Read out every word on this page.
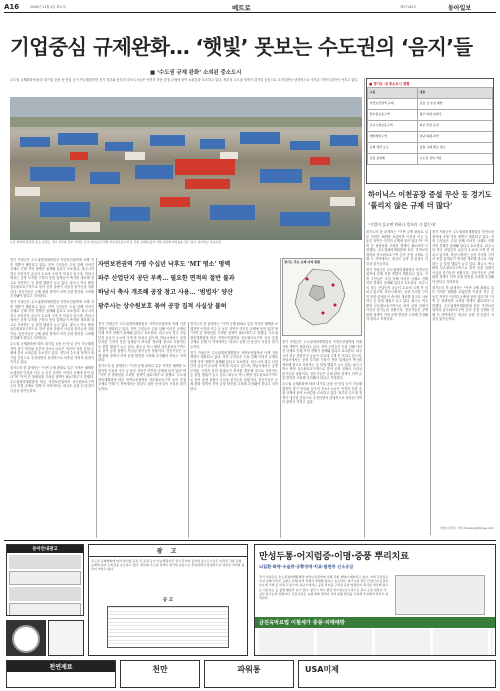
A16	2008년 11월 4일 화요일	메트로	제27145호	동아일보
기업중심 규제완화… ‘햇빛’ 못보는 수도권의 ‘음지’들
■ ‘수도권 규제 완화’ 소외된 중소도시

수도권 규제완화에 따라 대기업 공장 신·증설 등이 가능해졌지만 경기 북부와 동부의 중소도시들은 여전히 각종 중첩 규제에 묶여 소외감을 호소하고 있다. 정부의 수도권 정책이 대기업 중심으로 추진되면서 상대적으로 낙후된 지역의 불만이 커지고 있다.

오산 지역에 밀집한 중소 공장들. 경기 북부와 동부 지역은 군사시설보호구역과 상수원보호구역 등 각종 규제에 묶여 기업 유치에 어려움을 겪고 있다. 동아일보 자료사진
■ 경기도 내 중소도시 현황
구분	내용
자연보전권역 규제	공장 신·증설 제한
상수원보호구역	광주·양평·남양주
군사시설보호구역	파주·연천·포천
개발제한구역	하남·의왕·과천
규제 개선 요구	중첩 규제 해소 필요
공장 총량제	수도권 전역 적용
하이닉스 이천공장 증설 무산 등 경기도 ‘풀리지 않은 규제 더 많다’
“기업이 들오면 뭐하나 일자리 가 없는데”

경기 가평군은 수도권정비계획법상 자연보전권역에 속해 각종 개발이 제한되고 있다. 지역 주민들은 수십 년째 이어진 규제로 인해 지역 경제가 침체돼 있다고 호소한다. 파주시의 경우 산업단지 공급이 수요에 크게 못 미치고 있으며, 하남시에서는 공장 부지를 구하지 못한 업체들이 축사를 개조해 창고로 사용하는 등 불법 행위가 늘고 있다. 광주시 역시 팔당 상수원보호구역으로 묶여 공장 설립이 사실상 불가능한 상황이다. 전문가들은 규제 완화 정책이 지역 균형 발전을 고려해 추진돼야 한다고 지적한다.

경기 가평군은 수도권정비계획법상 자연보전권역에 속해 각종 개발이 제한되고 있다. 지역 주민들은 수십 년째 이어진 규제로 인해 지역 경제가 침체돼 있다고 호소한다. 파주시의 경우 산업단지 공급이 수요에 크게 못 미치고 있으며, 하남시에서는 공장 부지를 구하지 못한 업체들이 축사를 개조해 창고로 사용하는 등 불법 행위가 늘고 있다. 광주시 역시 팔당 상수원보호구역으로 묶여 공장 설립이 사실상 불가능한 상황이다. 전문가들은 규제 완화 정책이 지역 균형 발전을 고려해 추진돼야 한다고 지적한다.

수도권 규제완화에 따라 대기업 공장 신·증설 등이 가능해졌지만 경기 북부와 동부의 중소도시들은 여전히 각종 중첩 규제에 묶여 소외감을 호소하고 있다. 정부의 수도권 정책이 대기업 중심으로 추진되면서 상대적으로 낙후된 지역의 불만이 커지고 있다.

경기도의 한 관계자는 “이번 규제 완화로 일부 지역은 혜택을 보겠지만 이천과 여주 등 동부 지역은 여전히 규제에 묶여 있다”며 “지역 간 형평성을 고려한 정책이 필요하다”고 말했다. 수도권정비계획법에 따른 자연보전권역과 상수원보호구역 등의 중첩 규제로 인해 이 지역에서는 대규모 공장 신·증설이 사실상 불가능하다.

자연보전권역 가평 수십년 낙후도 ‘MT 명소’ 명맥
파주 산업단지 공단 부족… 필요한 면적의 절반 불과
하남시 축사 개조해 공장 창고 사용… ‘범법자’ 양산
광주시는 상수원보호 묶여 공장 집적 사실상 불허

경기 가평군은 수도권정비계획법상 자연보전권역에 속해 각종 개발이 제한되고 있다. 지역 주민들은 수십 년째 이어진 규제로 인해 지역 경제가 침체돼 있다고 호소한다. 파주시의 경우 산업단지 공급이 수요에 크게 못 미치고 있으며, 하남시에서는 공장 부지를 구하지 못한 업체들이 축사를 개조해 창고로 사용하는 등 불법 행위가 늘고 있다. 광주시 역시 팔당 상수원보호구역으로 묶여 공장 설립이 사실상 불가능한 상황이다. 전문가들은 규제 완화 정책이 지역 균형 발전을 고려해 추진돼야 한다고 지적한다.

경기도의 한 관계자는 “이번 규제 완화로 일부 지역은 혜택을 보겠지만 이천과 여주 등 동부 지역은 여전히 규제에 묶여 있다”며 “지역 간 형평성을 고려한 정책이 필요하다”고 말했다. 수도권정비계획법에 따른 자연보전권역과 상수원보호구역 등의 중첩 규제로 인해 이 지역에서는 대규모 공장 신·증설이 사실상 불가능하다.

경기도의 한 관계자는 “이번 규제 완화로 일부 지역은 혜택을 보겠지만 이천과 여주 등 동부 지역은 여전히 규제에 묶여 있다”며 “지역 간 형평성을 고려한 정책이 필요하다”고 말했다. 수도권정비계획법에 따른 자연보전권역과 상수원보호구역 등의 중첩 규제로 인해 이 지역에서는 대규모 공장 신·증설이 사실상 불가능하다.

경기 가평군은 수도권정비계획법상 자연보전권역에 속해 각종 개발이 제한되고 있다. 지역 주민들은 수십 년째 이어진 규제로 인해 지역 경제가 침체돼 있다고 호소한다. 파주시의 경우 산업단지 공급이 수요에 크게 못 미치고 있으며, 하남시에서는 공장 부지를 구하지 못한 업체들이 축사를 개조해 창고로 사용하는 등 불법 행위가 늘고 있다. 광주시 역시 팔당 상수원보호구역으로 묶여 공장 설립이 사실상 불가능한 상황이다. 전문가들은 규제 완화 정책이 지역 균형 발전을 고려해 추진돼야 한다고 지적한다.

경기도 주요 규제 지역 현황

경기 가평군은 수도권정비계획법상 자연보전권역에 속해 각종 개발이 제한되고 있다. 지역 주민들은 수십 년째 이어진 규제로 인해 지역 경제가 침체돼 있다고 호소한다. 파주시의 경우 산업단지 공급이 수요에 크게 못 미치고 있으며, 하남시에서는 공장 부지를 구하지 못한 업체들이 축사를 개조해 창고로 사용하는 등 불법 행위가 늘고 있다. 광주시 역시 팔당 상수원보호구역으로 묶여 공장 설립이 사실상 불가능한 상황이다. 전문가들은 규제 완화 정책이 지역 균형 발전을 고려해 추진돼야 한다고 지적한다.

수도권 규제완화에 따라 대기업 공장 신·증설 등이 가능해졌지만 경기 북부와 동부의 중소도시들은 여전히 각종 중첩 규제에 묶여 소외감을 호소하고 있다. 정부의 수도권 정책이 대기업 중심으로 추진되면서 상대적으로 낙후된 지역의 불만이 커지고 있다.

경기도의 한 관계자는 “이번 규제 완화로 일부 지역은 혜택을 보겠지만 이천과 여주 등 동부 지역은 여전히 규제에 묶여 있다”며 “지역 간 형평성을 고려한 정책이 필요하다”고 말했다. 수도권정비계획법에 따른 자연보전권역과 상수원보호구역 등의 중첩 규제로 인해 이 지역에서는 대규모 공장 신·증설이 사실상 불가능하다.

경기 가평군은 수도권정비계획법상 자연보전권역에 속해 각종 개발이 제한되고 있다. 지역 주민들은 수십 년째 이어진 규제로 인해 지역 경제가 침체돼 있다고 호소한다. 파주시의 경우 산업단지 공급이 수요에 크게 못 미치고 있으며, 하남시에서는 공장 부지를 구하지 못한 업체들이 축사를 개조해 창고로 사용하는 등 불법 행위가 늘고 있다. 광주시 역시 팔당 상수원보호구역으로 묶여 공장 설립이 사실상 불가능한 상황이다. 전문가들은 규제 완화 정책이 지역 균형 발전을 고려해 추진돼야 한다고 지적한다.

경기 가평군은 수도권정비계획법상 자연보전권역에 속해 각종 개발이 제한되고 있다. 지역 주민들은 수십 년째 이어진 규제로 인해 지역 경제가 침체돼 있다고 호소한다. 파주시의 경우 산업단지 공급이 수요에 크게 못 미치고 있으며, 하남시에서는 공장 부지를 구하지 못한 업체들이 축사를 개조해 창고로 사용하는 등 불법 행위가 늘고 있다. 광주시 역시 팔당 상수원보호구역으로 묶여 공장 설립이 사실상 불가능한 상황이다. 전문가들은 규제 완화 정책이 지역 균형 발전을 고려해 추진돼야 한다고 지적한다.

경기도의 한 관계자는 “이번 규제 완화로 일부 지역은 혜택을 보겠지만 이천과 여주 등 동부 지역은 여전히 규제에 묶여 있다”며 “지역 간 형평성을 고려한 정책이 필요하다”고 말했다. 수도권정비계획법에 따른 자연보전권역과 상수원보호구역 등의 중첩 규제로 인해 이 지역에서는 대규모 공장 신·증설이 사실상 불가능하다.

이천=김민우 기자 minwoo@donga.com
동아안내광고	광 고
수도권 규제완화에 따라 대기업 공장 신·증설 등이 가능해졌지만 경기 북부와 동부의 중소도시들은 여전히 각종 중첩 규제에 묶여 소외감을 호소하고 있다. 정부의 수도권 정책이 대기업 중심으로 추진되면서 상대적으로 낙후된 지역의 불만이 커지고 있다.
공 고
만성두통·어지럼증·이명·중풍 뿌리치료
뇌질환·화병·우울증·공황장애·치료·불면증 신소공급
경기 가평군은 수도권정비계획법상 자연보전권역에 속해 각종 개발이 제한되고 있다. 지역 주민들은 수십 년째 이어진 규제로 인해 지역 경제가 침체돼 있다고 호소한다. 파주시의 경우 산업단지 공급이 수요에 크게 못 미치고 있으며, 하남시에서는 공장 부지를 구하지 못한 업체들이 축사를 개조해 창고로 사용하는 등 불법 행위가 늘고 있다. 광주시 역시 팔당 상수원보호구역으로 묶여 공장 설립이 사실상 불가능한 상황이다. 전문가들은 규제 완화 정책이 지역 균형 발전을 고려해 추진돼야 한다고 지적한다.
금진옥막요법 이철세가 중풍·치매예방
천연재료	천만	파워통	USA미제
